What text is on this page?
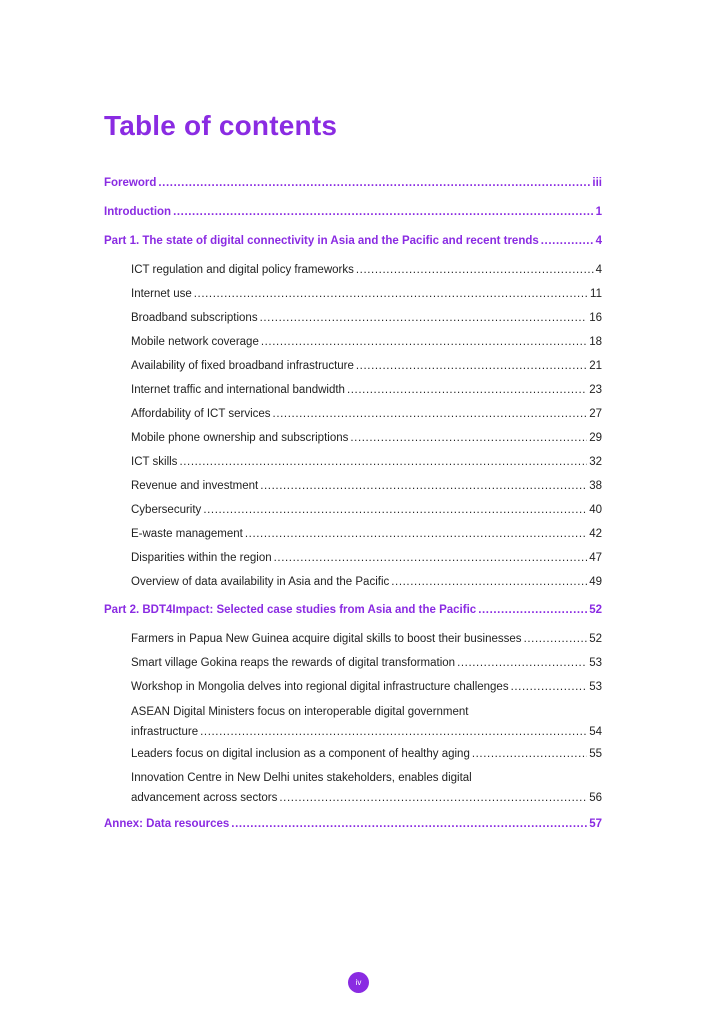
Table of contents
Foreword .....	iii
Introduction .....	1
Part 1. The state of digital connectivity in Asia and the Pacific and recent trends .....	4
ICT regulation and digital policy frameworks .....	4
Internet use .....	11
Broadband subscriptions .....	16
Mobile network coverage .....	18
Availability of fixed broadband infrastructure .....	21
Internet traffic and international bandwidth .....	23
Affordability of ICT services .....	27
Mobile phone ownership and subscriptions .....	29
ICT skills .....	32
Revenue and investment .....	38
Cybersecurity .....	40
E-waste management .....	42
Disparities within the region .....	47
Overview of data availability in Asia and the Pacific .....	49
Part 2. BDT4Impact: Selected case studies from Asia and the Pacific .....	52
Farmers in Papua New Guinea acquire digital skills to boost their businesses .....	52
Smart village Gokina reaps the rewards of digital transformation .....	53
Workshop in Mongolia delves into regional digital infrastructure challenges .....	53
ASEAN Digital Ministers focus on interoperable digital government
infrastructure .....	54
Leaders focus on digital inclusion as a component of healthy aging .....	55
Innovation Centre in New Delhi unites stakeholders, enables digital
advancement across sectors .....	56
Annex: Data resources .....	57
iv
